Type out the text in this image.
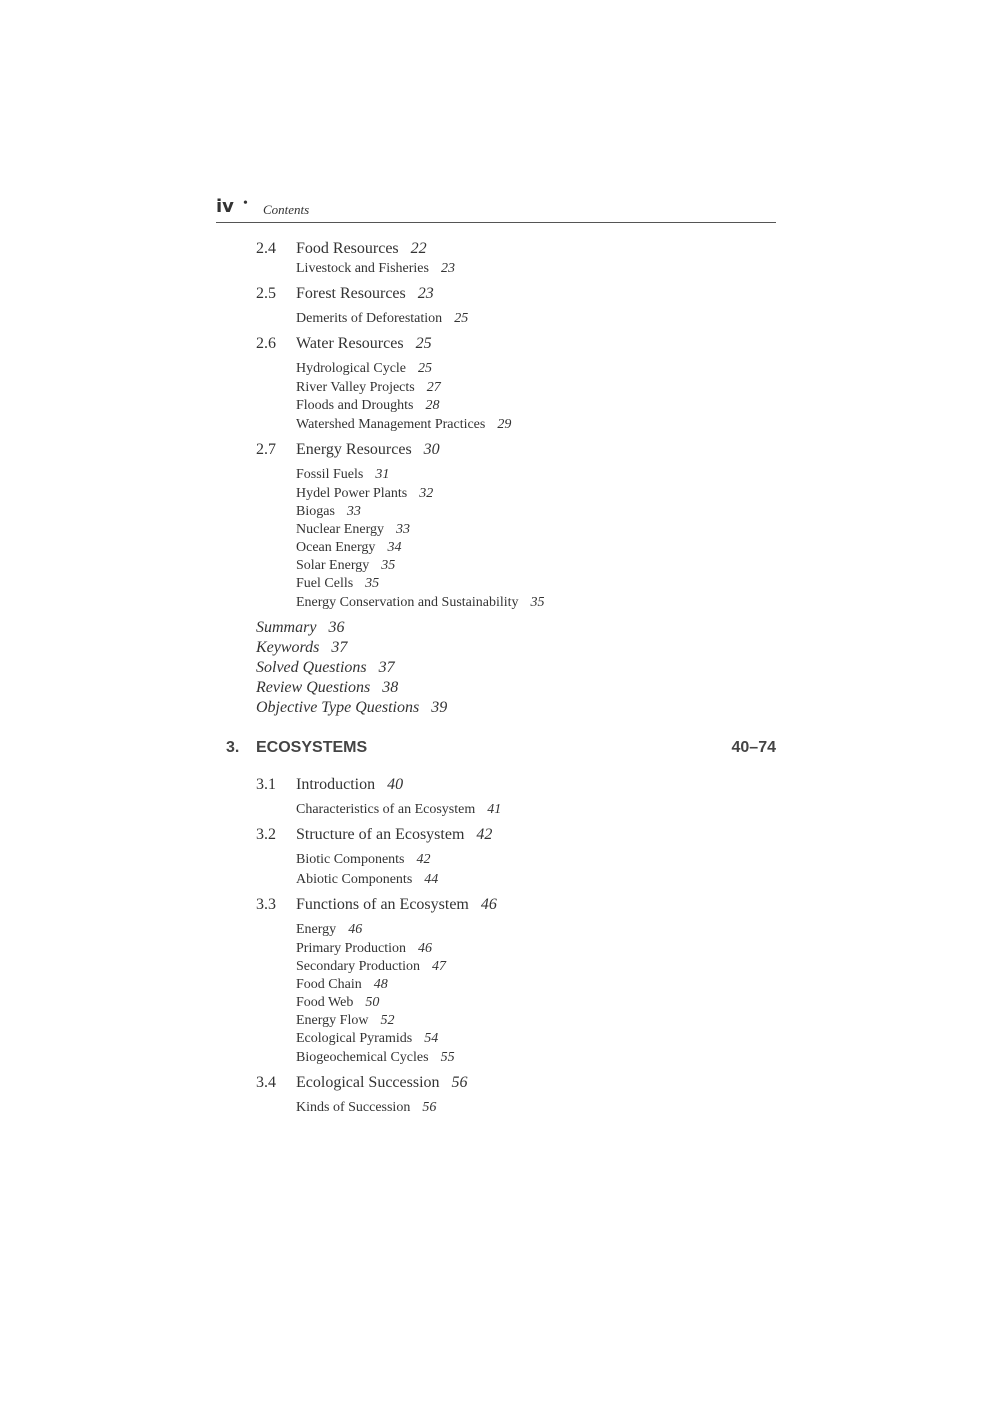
iv • Contents
2.4 Food Resources 22
Livestock and Fisheries 23
2.5 Forest Resources 23
Demerits of Deforestation 25
2.6 Water Resources 25
Hydrological Cycle 25
River Valley Projects 27
Floods and Droughts 28
Watershed Management Practices 29
2.7 Energy Resources 30
Fossil Fuels 31
Hydel Power Plants 32
Biogas 33
Nuclear Energy 33
Ocean Energy 34
Solar Energy 35
Fuel Cells 35
Energy Conservation and Sustainability 35
Summary 36
Keywords 37
Solved Questions 37
Review Questions 38
Objective Type Questions 39
3. ECOSYSTEMS	40–74
3.1 Introduction 40
Characteristics of an Ecosystem 41
3.2 Structure of an Ecosystem 42
Biotic Components 42
Abiotic Components 44
3.3 Functions of an Ecosystem 46
Energy 46
Primary Production 46
Secondary Production 47
Food Chain 48
Food Web 50
Energy Flow 52
Ecological Pyramids 54
Biogeochemical Cycles 55
3.4 Ecological Succession 56
Kinds of Succession 56
